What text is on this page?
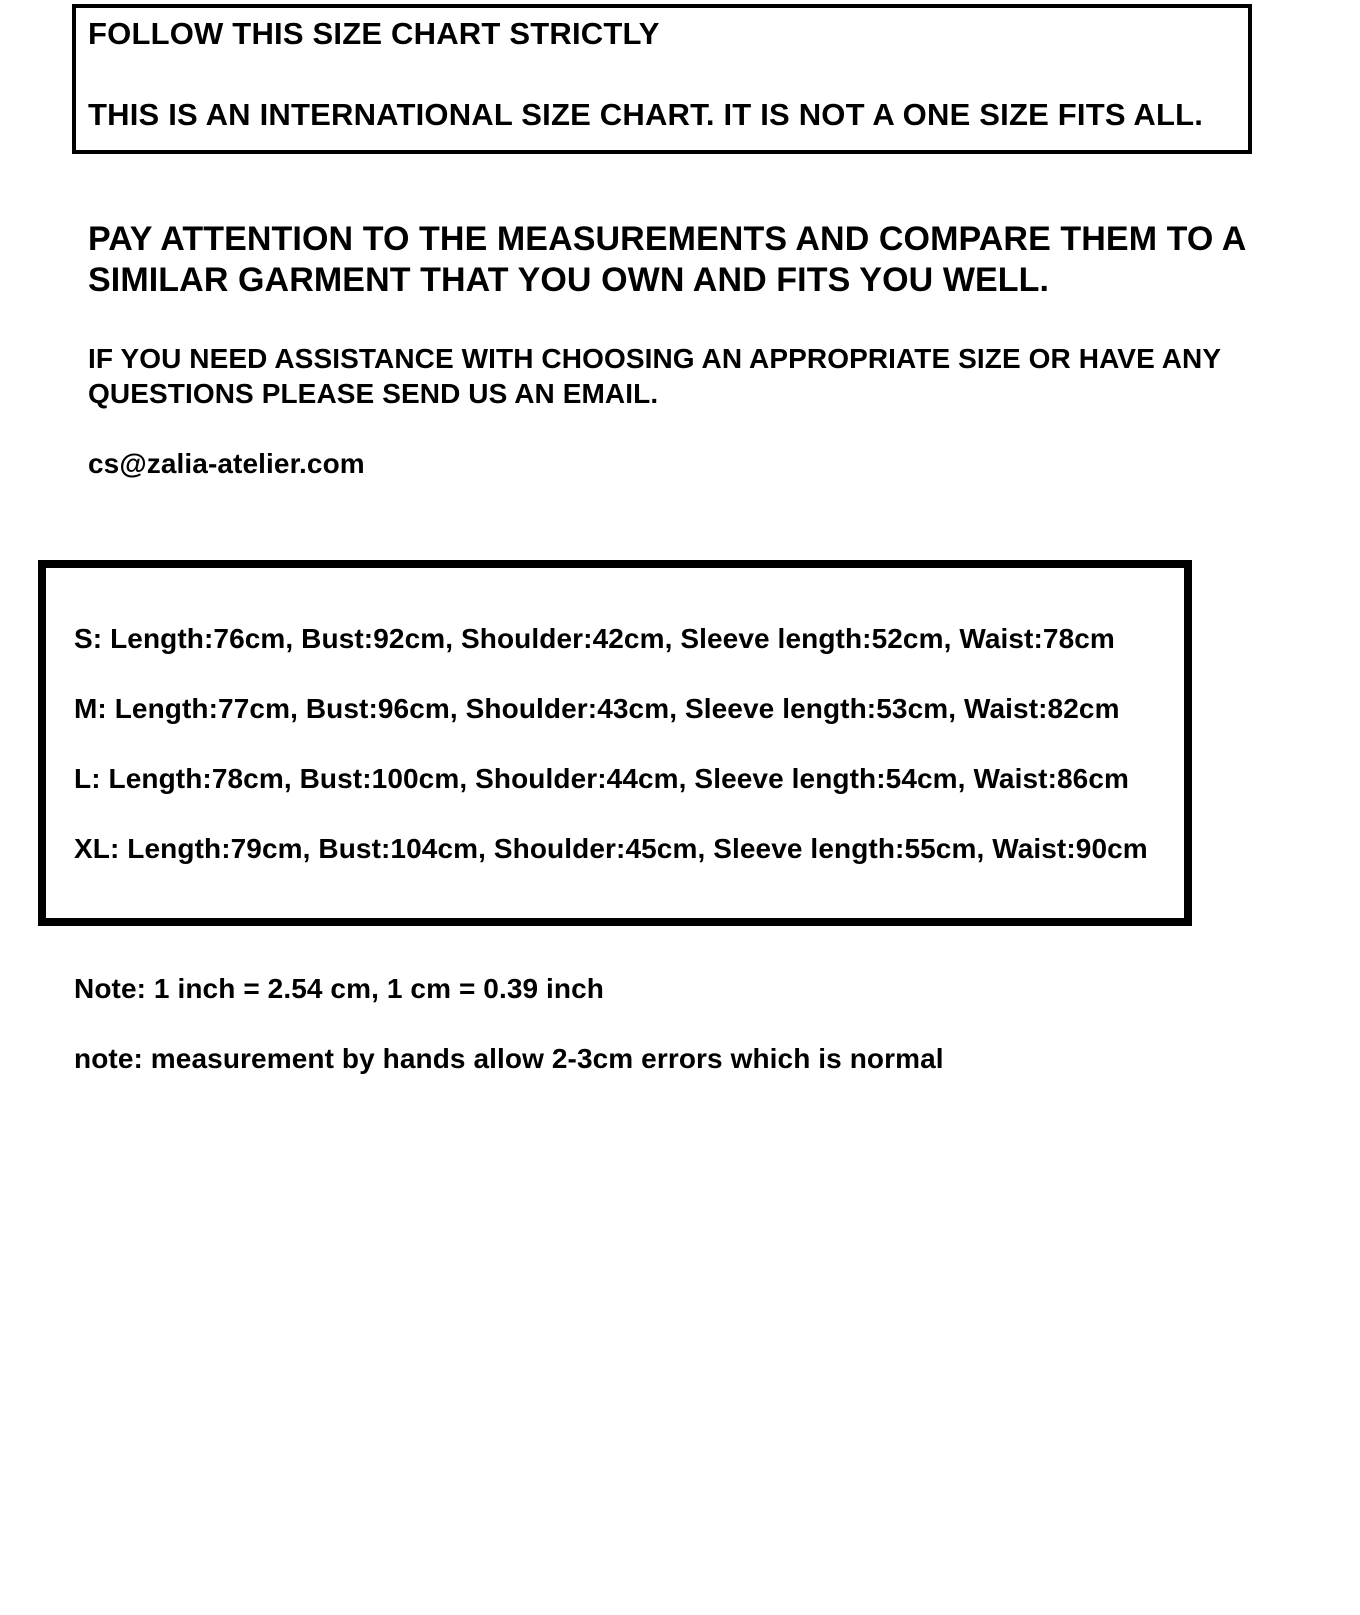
FOLLOW THIS SIZE CHART STRICTLY
THIS IS AN INTERNATIONAL SIZE CHART. IT IS NOT A ONE SIZE FITS ALL.
PAY ATTENTION TO THE MEASUREMENTS AND COMPARE THEM TO A
SIMILAR GARMENT THAT YOU OWN AND FITS YOU WELL.
IF YOU NEED ASSISTANCE WITH CHOOSING AN APPROPRIATE SIZE OR HAVE ANY
QUESTIONS PLEASE SEND US AN EMAIL.
cs@zalia-atelier.com
S: Length:76cm, Bust:92cm, Shoulder:42cm, Sleeve length:52cm, Waist:78cm
M: Length:77cm, Bust:96cm, Shoulder:43cm, Sleeve length:53cm, Waist:82cm
L: Length:78cm, Bust:100cm, Shoulder:44cm, Sleeve length:54cm, Waist:86cm
XL: Length:79cm, Bust:104cm, Shoulder:45cm, Sleeve length:55cm, Waist:90cm
Note: 1 inch = 2.54 cm, 1 cm = 0.39 inch
note: measurement by hands allow 2-3cm errors which is normal
